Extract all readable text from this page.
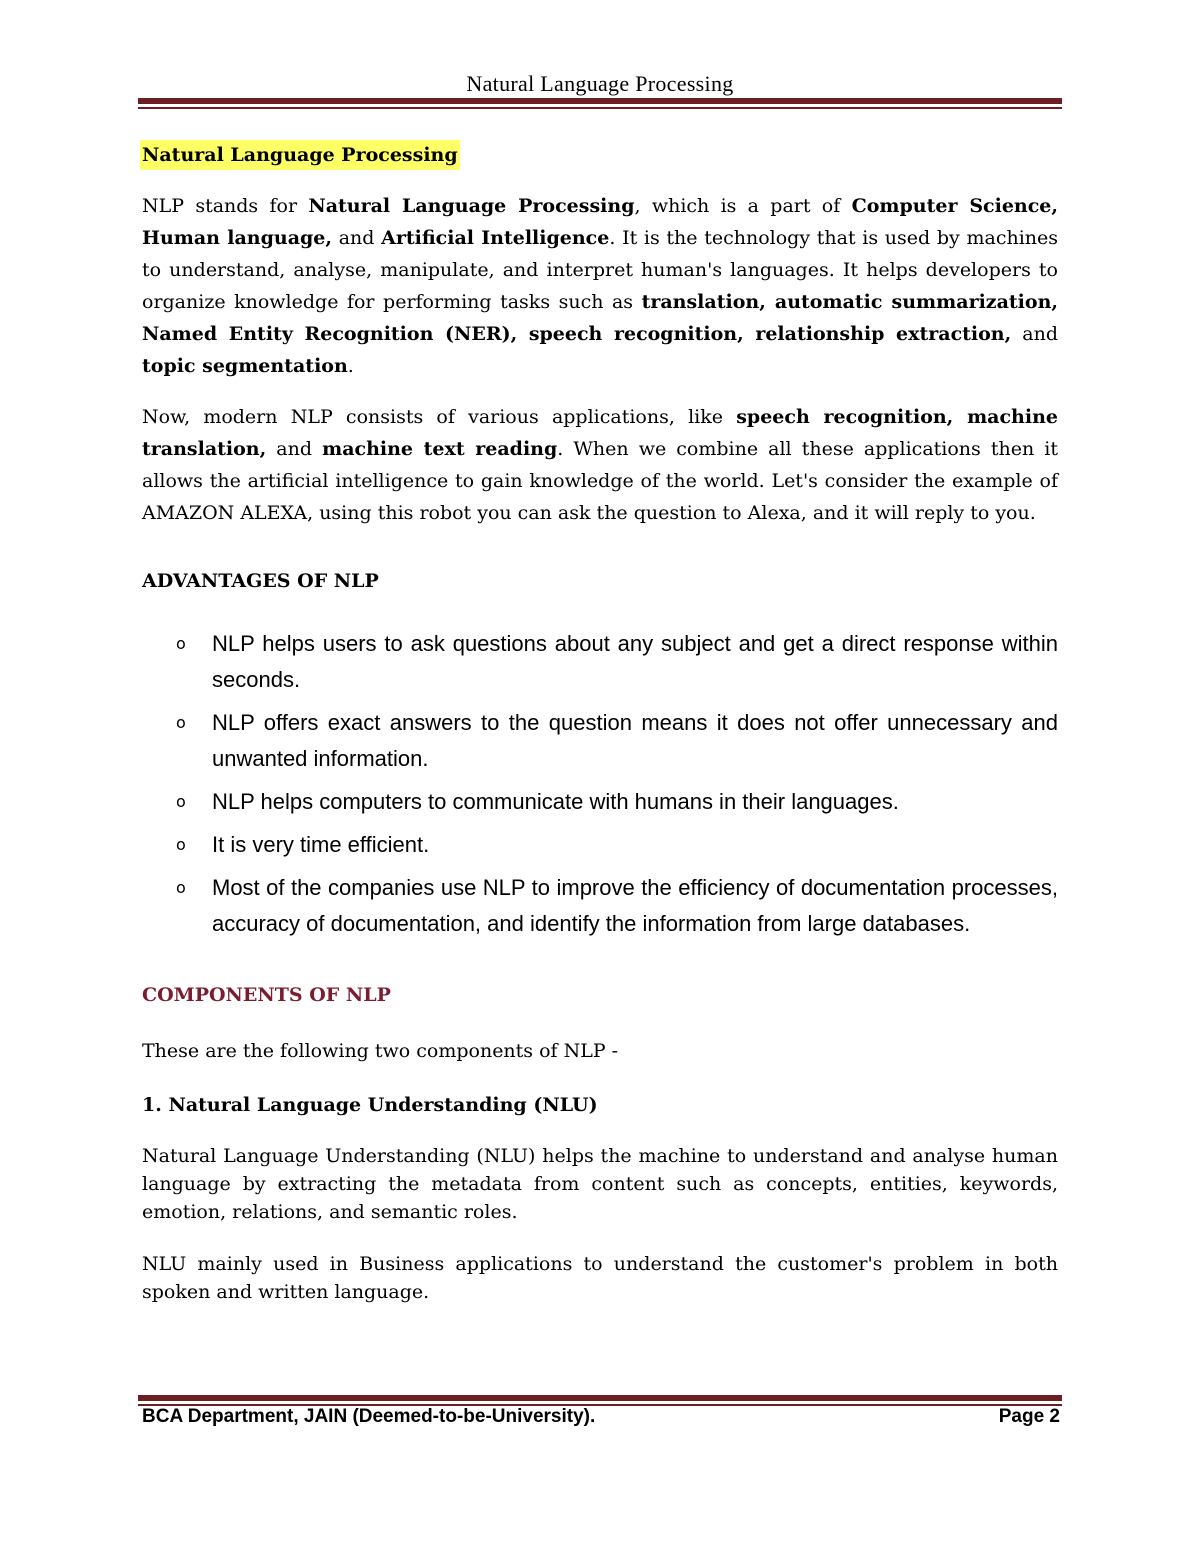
Natural Language Processing
Natural Language Processing

NLP stands for Natural Language Processing, which is a part of Computer Science, Human language, and Artificial Intelligence. It is the technology that is used by machines to understand, analyse, manipulate, and interpret human's languages. It helps developers to organize knowledge for performing tasks such as translation, automatic summarization, Named Entity Recognition (NER), speech recognition, relationship extraction, and topic segmentation.

Now, modern NLP consists of various applications, like speech recognition, machine translation, and machine text reading. When we combine all these applications then it allows the artificial intelligence to gain knowledge of the world. Let's consider the example of AMAZON ALEXA, using this robot you can ask the question to Alexa, and it will reply to you.

ADVANTAGES OF NLP
o NLP helps users to ask questions about any subject and get a direct response within seconds.
o NLP offers exact answers to the question means it does not offer unnecessary and unwanted information.
o NLP helps computers to communicate with humans in their languages.
o It is very time efficient.
o Most of the companies use NLP to improve the efficiency of documentation processes, accuracy of documentation, and identify the information from large databases.
COMPONENTS OF NLP
These are the following two components of NLP -
1. Natural Language Understanding (NLU)

Natural Language Understanding (NLU) helps the machine to understand and analyse human language by extracting the metadata from content such as concepts, entities, keywords, emotion, relations, and semantic roles.

NLU mainly used in Business applications to understand the customer's problem in both spoken and written language.

BCA Department, JAIN (Deemed-to-be-University).	Page 2
